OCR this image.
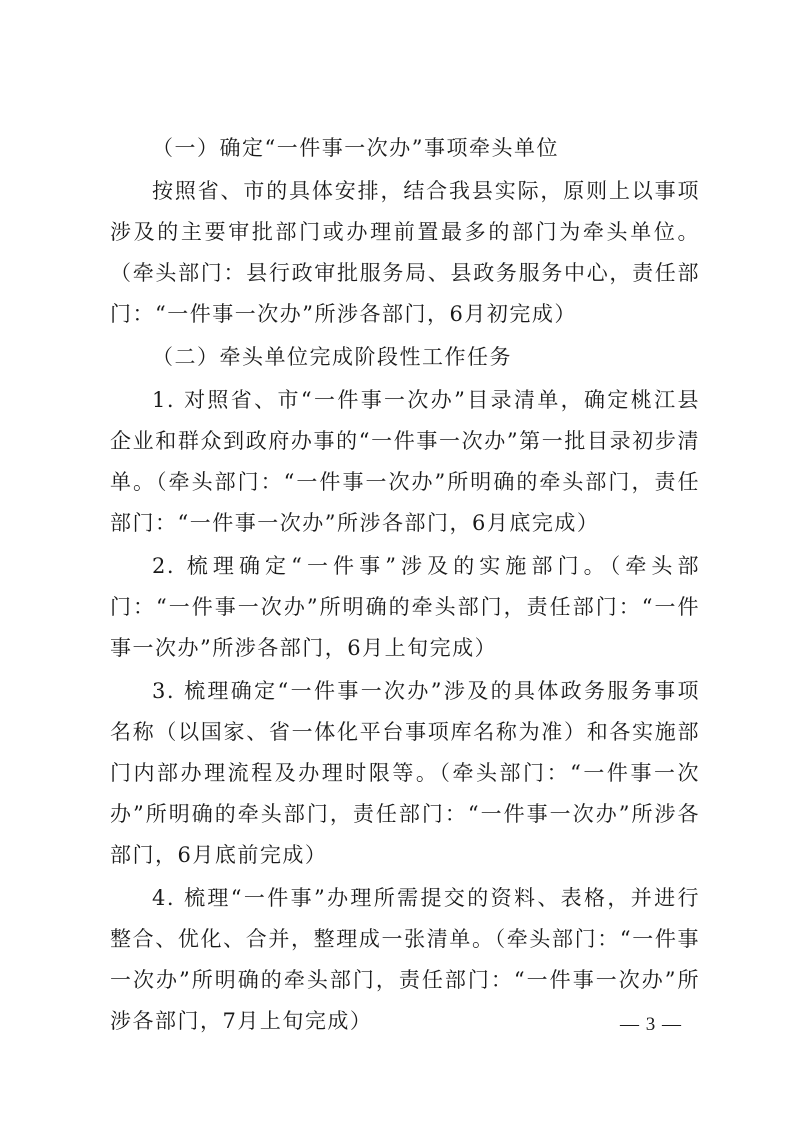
（一）确定“一件事一次办”事项牵头单位

按照省、市的具体安排，结合我县实际，原则上以事项涉及的主要审批部门或办理前置最多的部门为牵头单位。（牵头部门：县行政审批服务局、县政务服务中心，责任部门：“一件事一次办”所涉各部门，6月初完成）

（二）牵头单位完成阶段性工作任务

1. 对照省、市“一件事一次办”目录清单，确定桃江县企业和群众到政府办事的“一件事一次办”第一批目录初步清单。（牵头部门：“一件事一次办”所明确的牵头部门，责任部门：“一件事一次办”所涉各部门，6月底完成）

2. 梳理确定“一件事”涉及的实施部门。（牵头部门：“一件事一次办”所明确的牵头部门，责任部门：“一件事一次办”所涉各部门，6月上旬完成）

3. 梳理确定“一件事一次办”涉及的具体政务服务事项名称（以国家、省一体化平台事项库名称为准）和各实施部门内部办理流程及办理时限等。（牵头部门：“一件事一次办”所明确的牵头部门，责任部门：“一件事一次办”所涉各部门，6月底前完成）

4. 梳理“一件事”办理所需提交的资料、表格，并进行整合、优化、合并，整理成一张清单。（牵头部门：“一件事一次办”所明确的牵头部门，责任部门：“一件事一次办”所涉各部门，7月上旬完成）	— 3 —
